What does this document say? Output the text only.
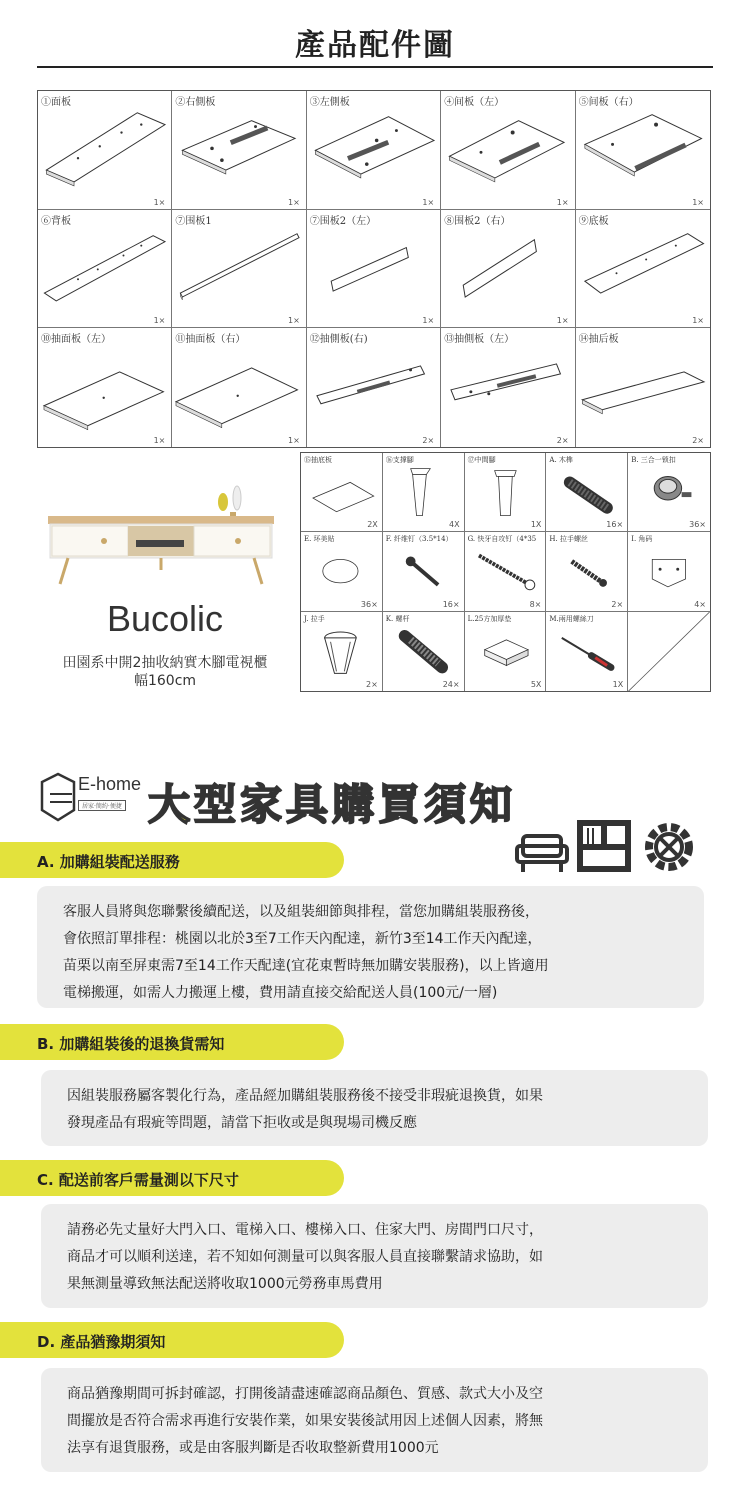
產品配件圖
①面板
1×
②右側板
1×
③左側板
1×
④间板（左）
1×
⑤间板（右）
1×
⑥背板
1×
⑦围板1
1×
⑦围板2（左）
1×
⑧围板2（右）
1×
⑨底板
1×
⑩抽面板（左）
1×
⑪抽面板（右）
1×
⑫抽側板(右)
2×
⑬抽側板（左）
2×
⑭抽后板
2×
Bucolic
田園系中開2抽收納實木腳電視櫃
幅160cm
⑮抽底板
2X
⑯支撑腳
4X
⑰中間腳
1X
A. 木榫
16×
B. 三合一锁扣
36×
E. 环美贴
36×
F. 纤维钉（3.5*14）
16×
G. 快牙自攻钉（4*35
8×
H. 拉手螺丝
2×
I. 角码
4×
J. 拉手
2×
K. 螺杆
24×
L.25方加厚垫
5X
M.兩用螺絲刀
1X
E-home
居家·簡約·便捷 大型家具購買須知
A. 加購組裝配送服務
客服人員將與您聯繫後續配送，以及組裝細節與排程，當您加購組裝服務後，
會依照訂單排程：桃園以北於3至7工作天內配達，新竹3至14工作天內配達，
苗栗以南至屏東需7至14工作天配達(宜花東暫時無加購安裝服務)，以上皆適用
電梯搬運，如需人力搬運上樓，費用請直接交給配送人員(100元/一層)
B. 加購組裝後的退換貨需知
因組裝服務屬客製化行為，產品經加購組裝服務後不接受非瑕疵退換貨，如果
發現產品有瑕疵等問題，請當下拒收或是與現場司機反應
C. 配送前客戶需量測以下尺寸
請務必先丈量好大門入口、電梯入口、樓梯入口、住家大門、房間門口尺寸，
商品才可以順利送達，若不知如何測量可以與客服人員直接聯繫請求協助，如
果無測量導致無法配送將收取1000元勞務車馬費用
D. 產品猶豫期須知
商品猶豫期間可拆封確認，打開後請盡速確認商品顏色、質感、款式大小及空
間擺放是否符合需求再進行安裝作業，如果安裝後試用因上述個人因素，將無
法享有退貨服務，或是由客服判斷是否收取整新費用1000元
